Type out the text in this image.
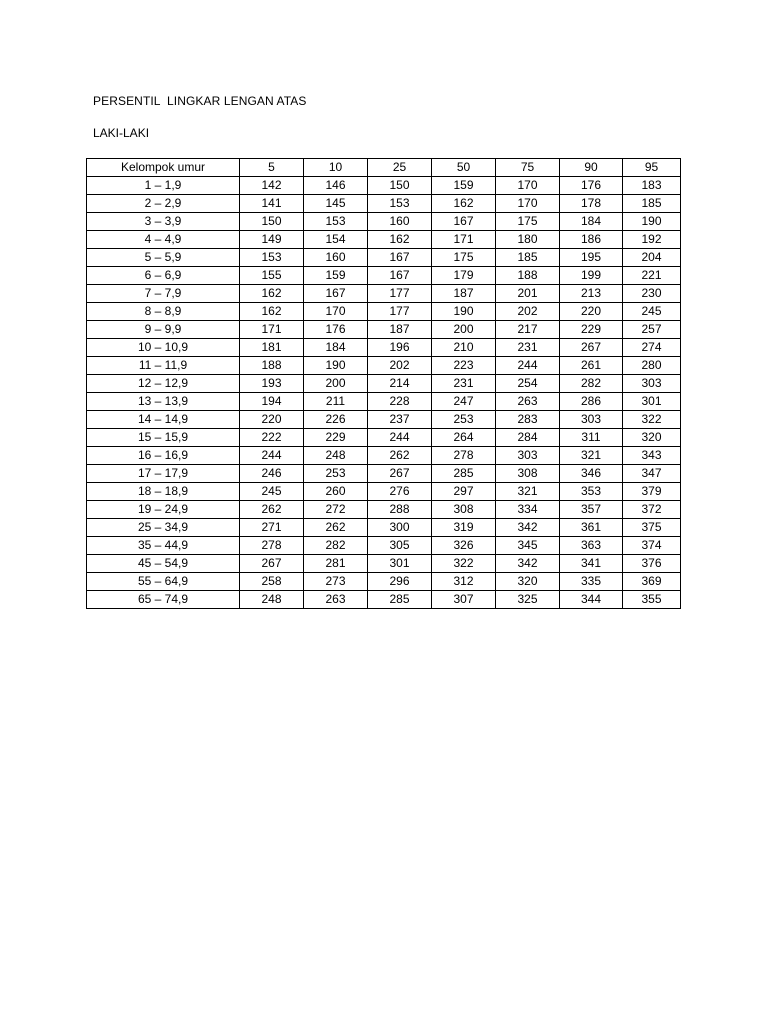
PERSENTIL  LINGKAR LENGAN ATAS
LAKI-LAKI
Kelompok umur	5	10	25	50	75	90	95
1 – 1,9	142	146	150	159	170	176	183
2 – 2,9	141	145	153	162	170	178	185
3 – 3,9	150	153	160	167	175	184	190
4 – 4,9	149	154	162	171	180	186	192
5 – 5,9	153	160	167	175	185	195	204
6 – 6,9	155	159	167	179	188	199	221
7 – 7,9	162	167	177	187	201	213	230
8 – 8,9	162	170	177	190	202	220	245
9 – 9,9	171	176	187	200	217	229	257
10 – 10,9	181	184	196	210	231	267	274
11 – 11,9	188	190	202	223	244	261	280
12 – 12,9	193	200	214	231	254	282	303
13 – 13,9	194	211	228	247	263	286	301
14 – 14,9	220	226	237	253	283	303	322
15 – 15,9	222	229	244	264	284	311	320
16 – 16,9	244	248	262	278	303	321	343
17 – 17,9	246	253	267	285	308	346	347
18 – 18,9	245	260	276	297	321	353	379
19 – 24,9	262	272	288	308	334	357	372
25 – 34,9	271	262	300	319	342	361	375
35 – 44,9	278	282	305	326	345	363	374
45 – 54,9	267	281	301	322	342	341	376
55 – 64,9	258	273	296	312	320	335	369
65 – 74,9	248	263	285	307	325	344	355
